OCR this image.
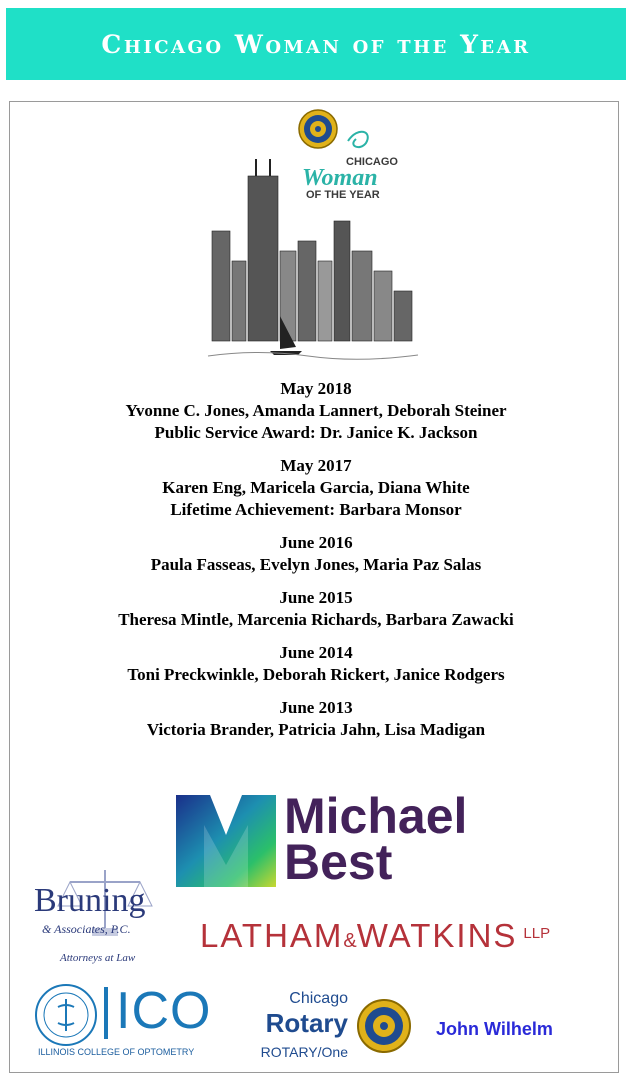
Chicago Woman of the Year
CHICAGO
Woman
OF THE YEAR
May 2018
Yvonne C. Jones, Amanda Lannert, Deborah Steiner
Public Service Award: Dr. Janice K. Jackson
May 2017
Karen Eng, Maricela Garcia, Diana White
Lifetime Achievement: Barbara Monsor
June 2016
Paula Fasseas, Evelyn Jones, Maria Paz Salas
June 2015
Theresa Mintle, Marcenia Richards, Barbara Zawacki
June 2014
Toni Preckwinkle, Deborah Rickert, Janice Rodgers
June 2013
Victoria Brander, Patricia Jahn, Lisa Madigan
Michael
Best
Bruning
& Associates, P.C.
Attorneys at Law
LATHAM&WATKINS $^{LLP}$
ICO
ILLINOIS COLLEGE OF OPTOMETRY
Chicago
Rotary
ROTARY/One
John Wilhelm
